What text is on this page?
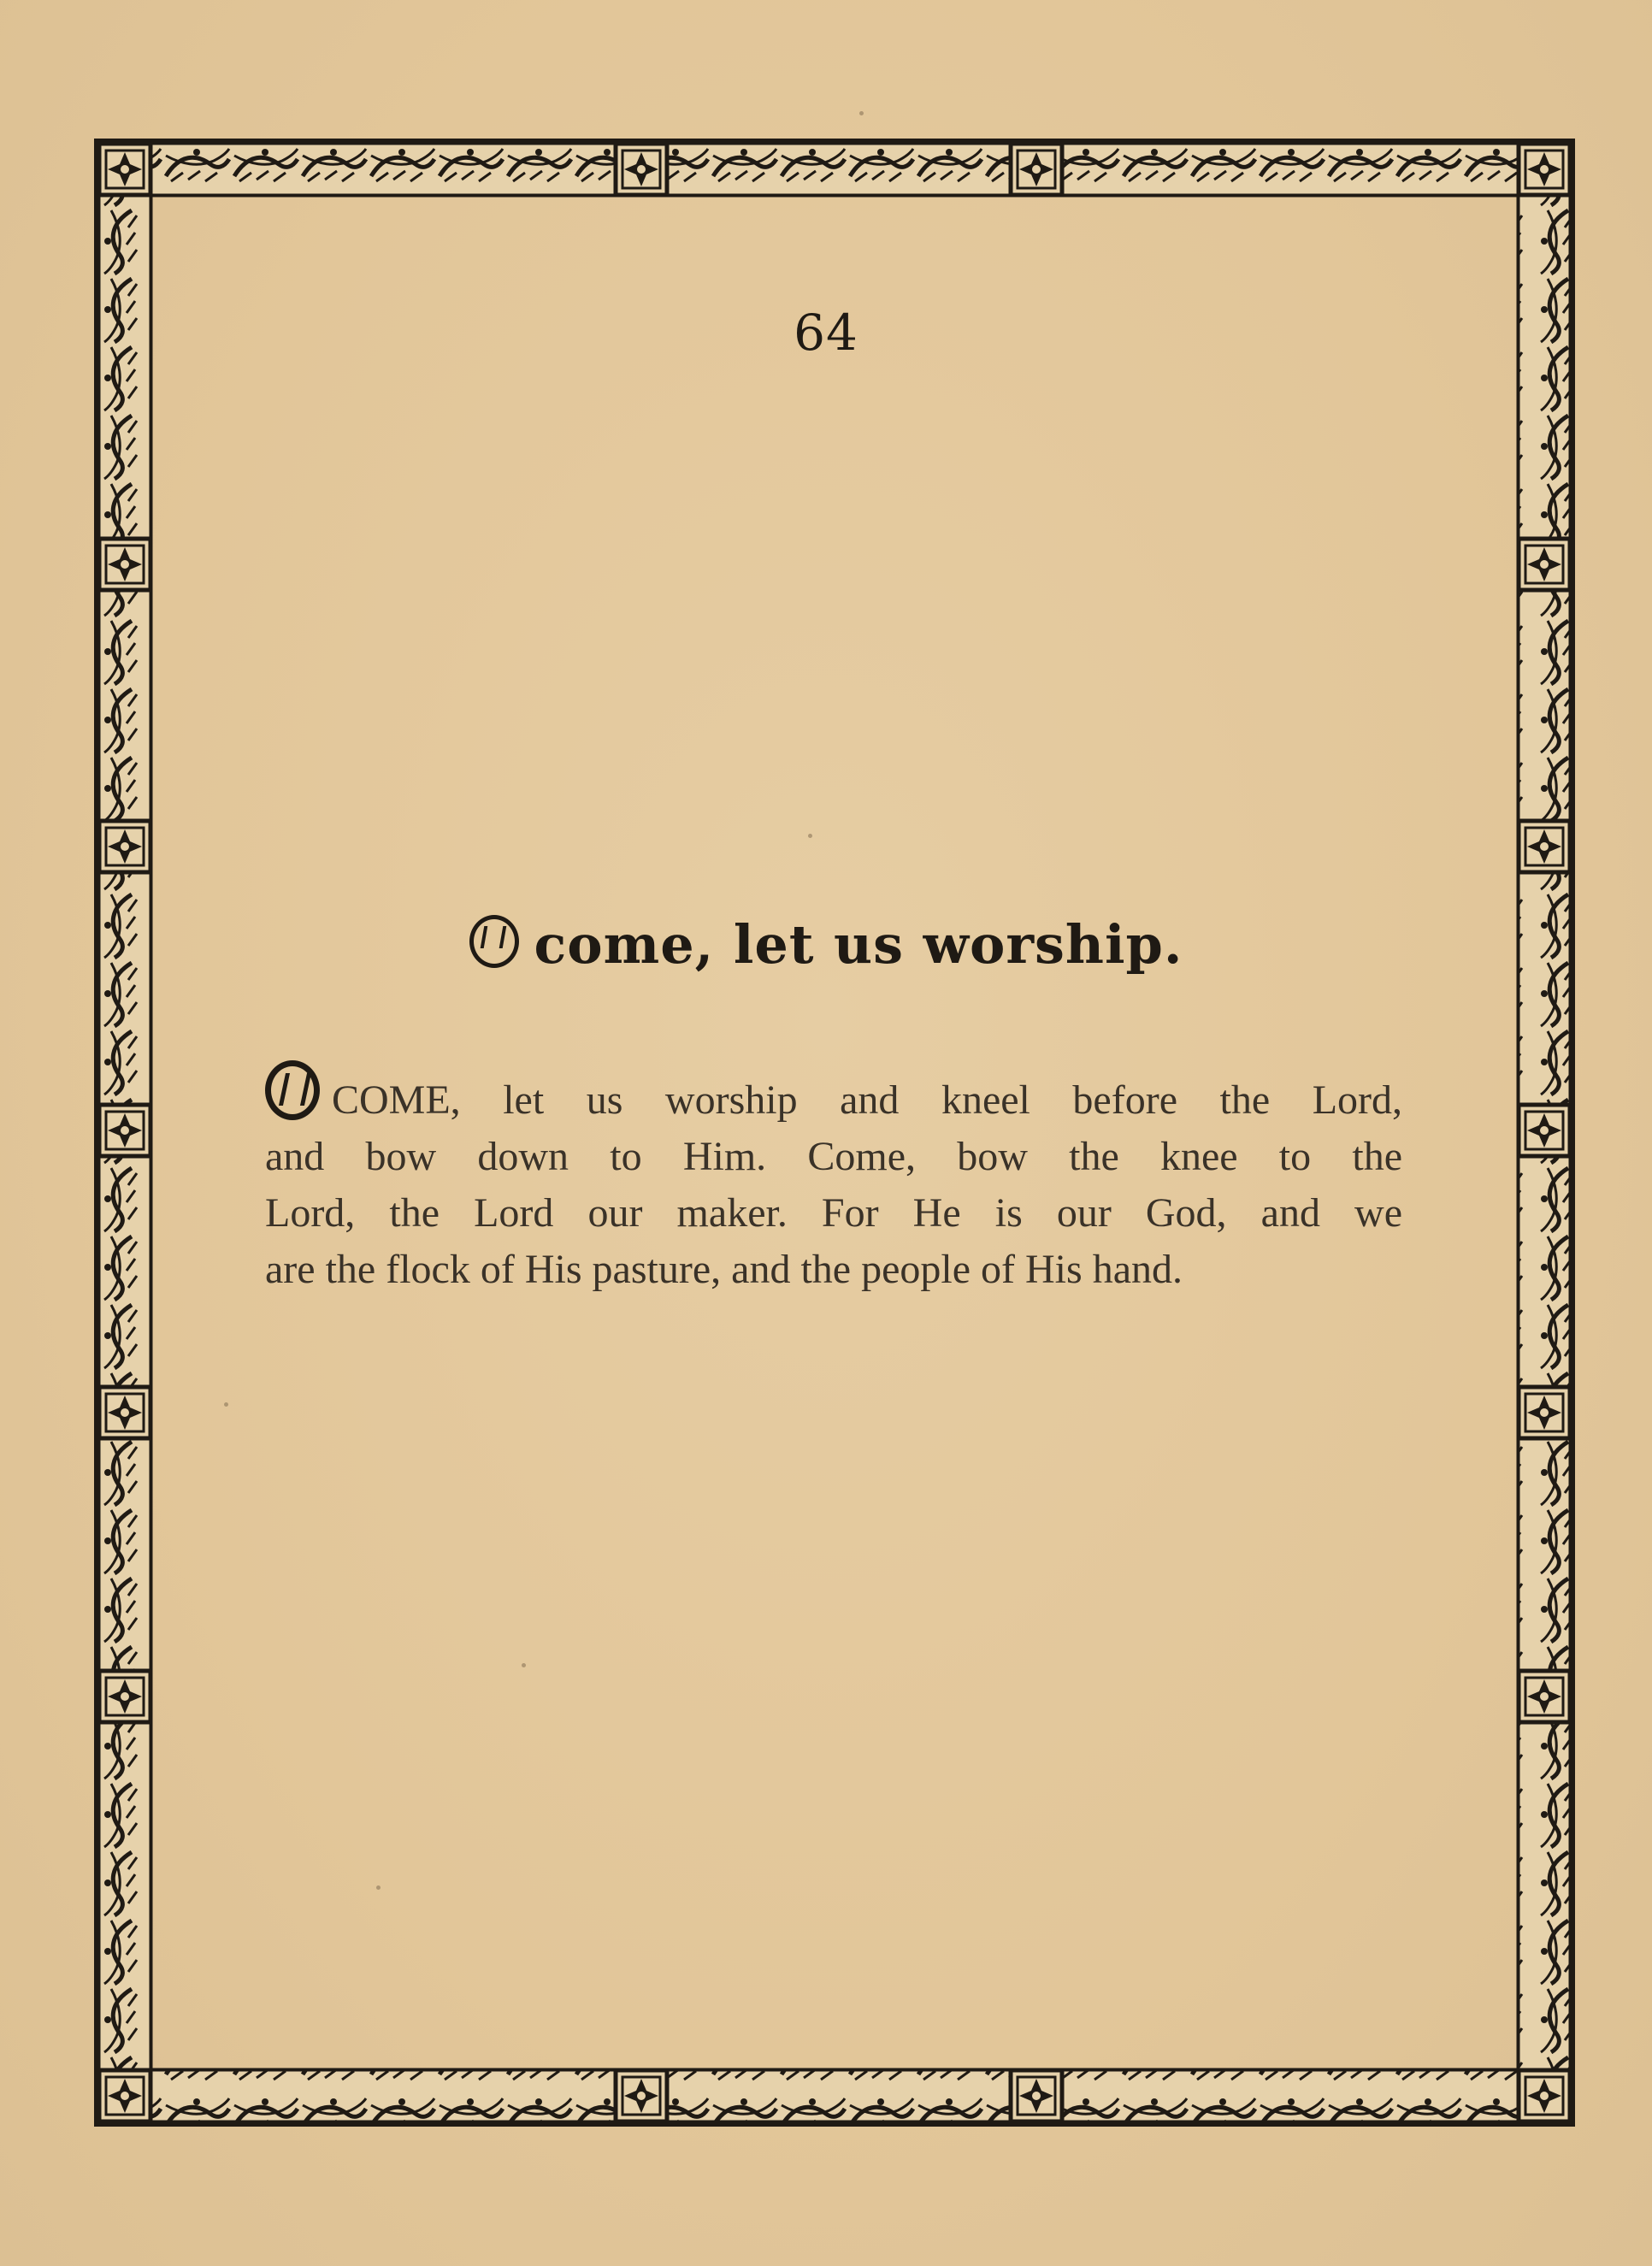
64
come, let us worship.
COME, let us worship and kneel before the Lord,
and bow down to Him. Come, bow the knee to the
Lord, the Lord our maker. For He is our God, and we
are the flock of His pasture, and the people of His hand.
